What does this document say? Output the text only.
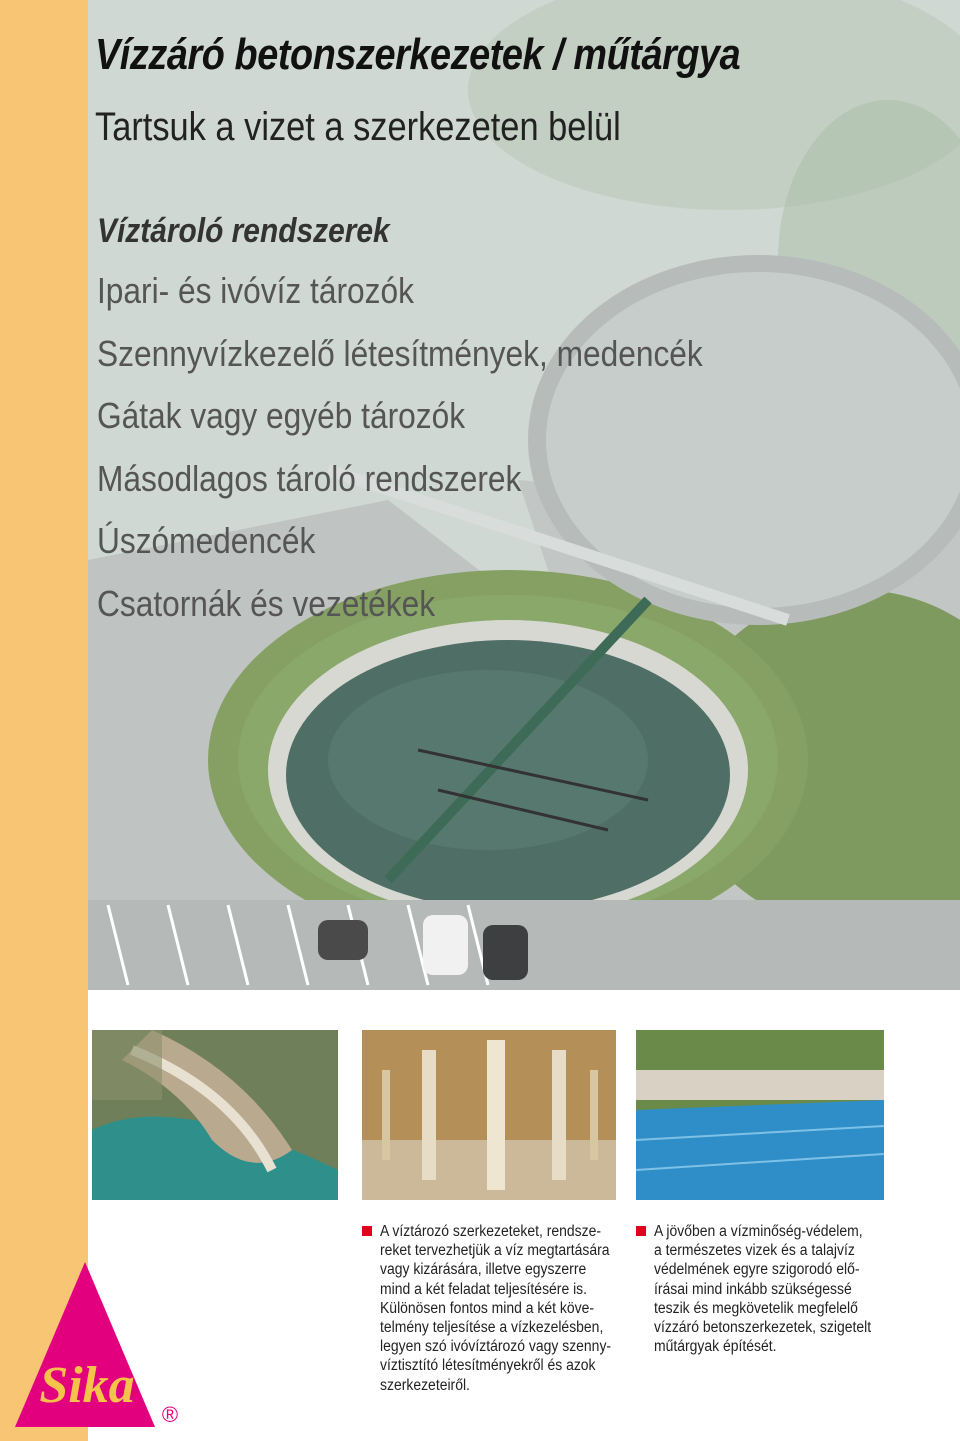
Vízzáró betonszerkezetek / műtárgya
Tartsuk a vizet a szerkezeten belül
Víztároló rendszerek
Ipari- és ivóvíz tározók
Szennyvízkezelő létesítmények, medencék
Gátak vagy egyéb tározók
Másodlagos tároló rendszerek
Úszómedencék
Csatornák és vezetékek
Sika
®

A víztározó szerkezeteket, rendsze-
reket tervezhetjük a víz megtartására
vagy kizárására, illetve egyszerre
mind a két feladat teljesítésére is.
Különösen fontos mind a két köve-
telmény teljesítése a vízkezelésben,
legyen szó ivóvíztározó vagy szenny-
víztisztító létesítményekről és azok
szerkezeteiről.

A jövőben a vízminőség-védelem,
a természetes vizek és a talajvíz
védelmének egyre szigorodó elő-
írásai mind inkább szükségessé
teszik és megkövetelik megfelelő
vízzáró betonszerkezetek, szigetelt
műtárgyak építését.
